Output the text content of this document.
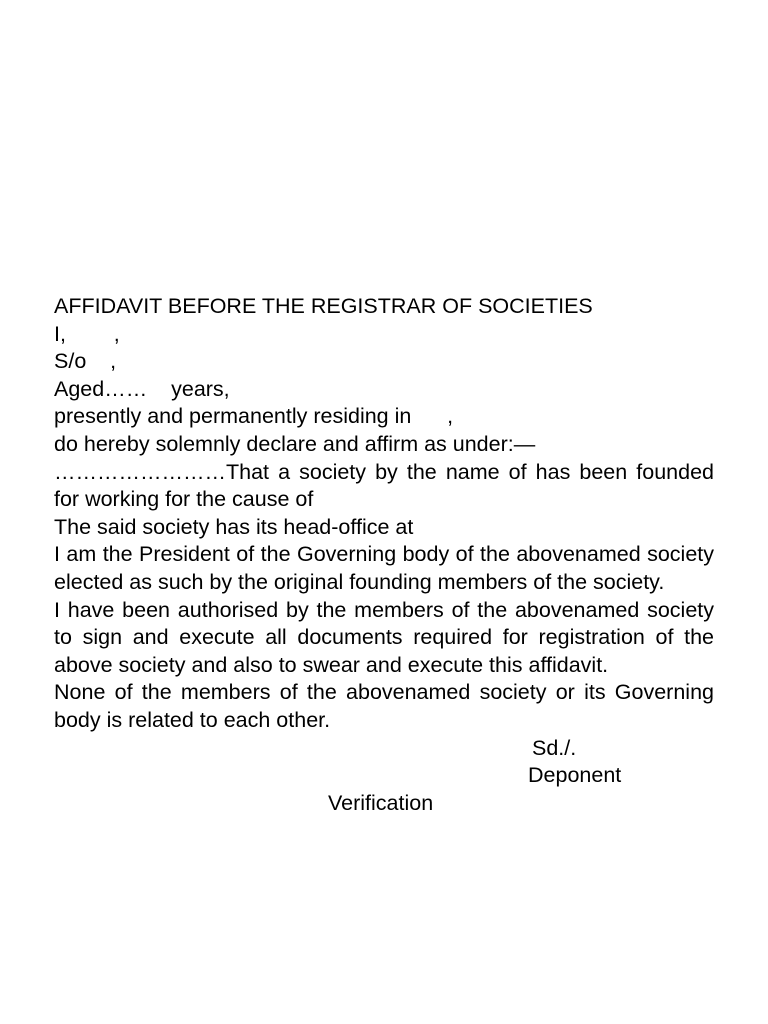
AFFIDAVIT BEFORE THE REGISTRAR OF SOCIETIES
I,        ,
S/o    ,
Aged……    years,
presently and permanently residing in      ,
do hereby solemnly declare and affirm as under:—
……………………That a society by the name of has been founded for working for the cause of
The said society has its head-office at
I am the President of the Governing body of the abovenamed society elected as such by the original founding members of the society.
I have been authorised by the members of the abovenamed society to sign and execute all documents required for registration of the above society and also to swear and execute this affidavit.
None of the members of the abovenamed society or its Governing body is related to each other.
Sd./.
Deponent
Verification
